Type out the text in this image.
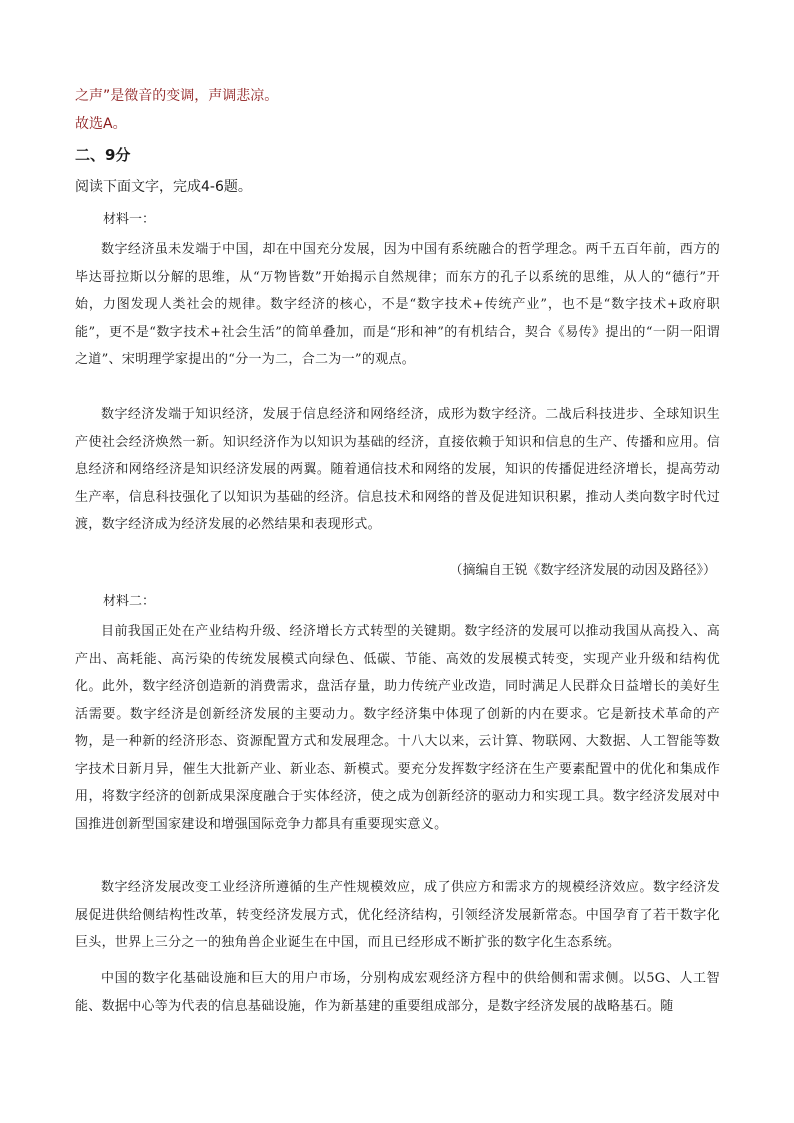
之声”是徵音的变调，声调悲凉。
故选A。
二、9分
阅读下面文字，完成4-6题。
材料一：
数字经济虽未发端于中国，却在中国充分发展，因为中国有系统融合的哲学理念。两千五百年前，西方的毕达哥拉斯以分解的思维，从“万物皆数”开始揭示自然规律；而东方的孔子以系统的思维，从人的“德行”开始，力图发现人类社会的规律。数字经济的核心，不是“数字技术+传统产业”，也不是“数字技术+政府职能”，更不是“数字技术+社会生活”的简单叠加，而是“形和神”的有机结合，契合《易传》提出的“一阴一阳谓之道”、宋明理学家提出的“分一为二，合二为一”的观点。
数字经济发端于知识经济，发展于信息经济和网络经济，成形为数字经济。二战后科技进步、全球知识生产使社会经济焕然一新。知识经济作为以知识为基础的经济，直接依赖于知识和信息的生产、传播和应用。信息经济和网络经济是知识经济发展的两翼。随着通信技术和网络的发展，知识的传播促进经济增长，提高劳动生产率，信息科技强化了以知识为基础的经济。信息技术和网络的普及促进知识积累，推动人类向数字时代过渡，数字经济成为经济发展的必然结果和表现形式。
（摘编自王锐《数字经济发展的动因及路径》）
材料二：
目前我国正处在产业结构升级、经济增长方式转型的关键期。数字经济的发展可以推动我国从高投入、高产出、高耗能、高污染的传统发展模式向绿色、低碳、节能、高效的发展模式转变，实现产业升级和结构优化。此外，数字经济创造新的消费需求，盘活存量，助力传统产业改造，同时满足人民群众日益增长的美好生活需要。数字经济是创新经济发展的主要动力。数字经济集中体现了创新的内在要求。它是新技术革命的产物，是一种新的经济形态、资源配置方式和发展理念。十八大以来，云计算、物联网、大数据、人工智能等数字技术日新月异，催生大批新产业、新业态、新模式。要充分发挥数字经济在生产要素配置中的优化和集成作用，将数字经济的创新成果深度融合于实体经济，使之成为创新经济的驱动力和实现工具。数字经济发展对中国推进创新型国家建设和增强国际竞争力都具有重要现实意义。
数字经济发展改变工业经济所遵循的生产性规模效应，成了供应方和需求方的规模经济效应。数字经济发展促进供给侧结构性改革，转变经济发展方式，优化经济结构，引领经济发展新常态。中国孕育了若干数字化巨头，世界上三分之一的独角兽企业诞生在中国，而且已经形成不断扩张的数字化生态系统。
中国的数字化基础设施和巨大的用户市场，分别构成宏观经济方程中的供给侧和需求侧。以5G、人工智能、数据中心等为代表的信息基础设施，作为新基建的重要组成部分，是数字经济发展的战略基石。随
